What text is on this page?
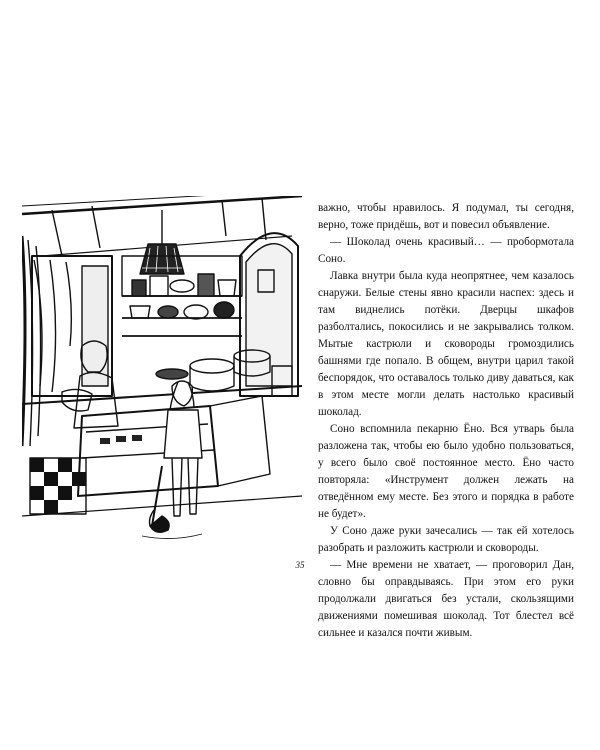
важно, чтобы нравилось. Я подумал, ты сегодня, верно, тоже придёшь, вот и повесил объявление.

— Шоколад очень красивый… — пробормотала Соно.

Лавка внутри была куда неопрятнее, чем казалось снаружи. Белые стены явно красили наспех: здесь и там виднелись потёки. Дверцы шкафов разболтались, покосились и не закрывались толком. Мытые кастрюли и сковороды громоздились башнями где попало. В общем, внутри царил такой беспорядок, что оставалось только диву даваться, как в этом месте могли делать настолько красивый шоколад.

Соно вспомнила пекарню Ёно. Вся утварь была разложена так, чтобы ею было удобно пользоваться, у всего было своё постоянное место. Ёно часто повторяла: «Инструмент должен лежать на отведённом ему месте. Без этого и порядка в работе не будет».

У Соно даже руки зачесались — так ей хотелось разобрать и разложить кастрюли и сковороды.

— Мне времени не хватает, — проговорил Дан, словно бы оправдываясь. При этом его руки продолжали двигаться без устали, скользящими движениями помешивая шоколад. Тот блестел всё сильнее и казался почти живым.

35
